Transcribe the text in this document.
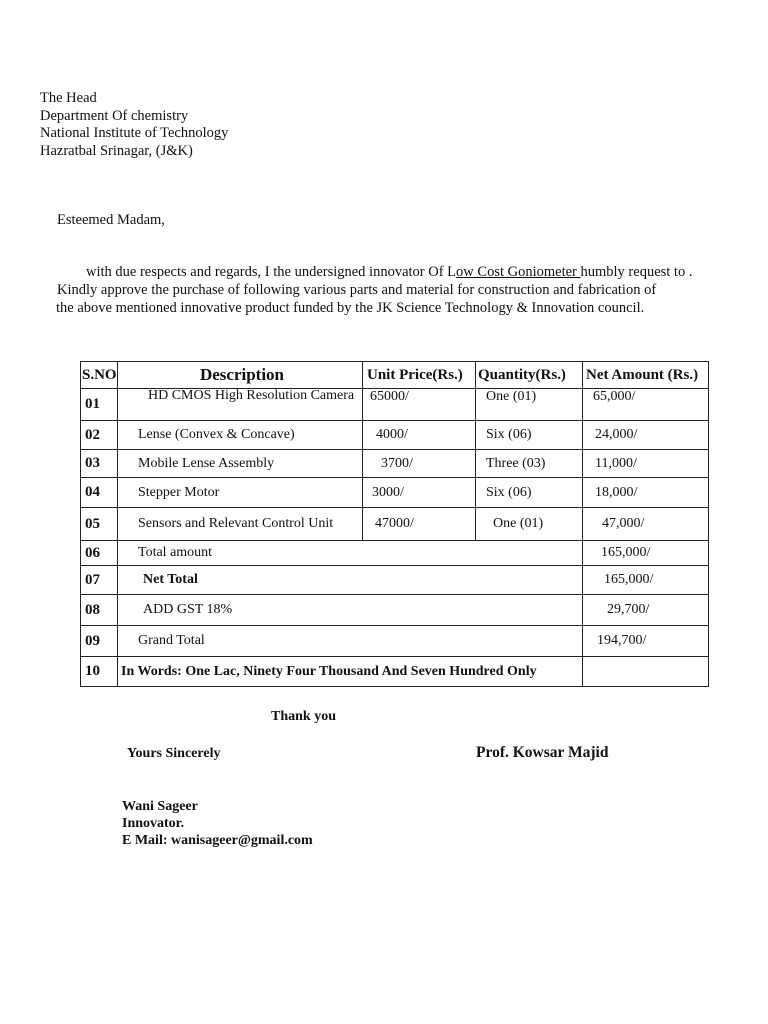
The Head
Department Of chemistry
National Institute of Technology
Hazratbal Srinagar, (J&K)
Esteemed Madam,
with due respects and regards, I the undersigned innovator Of Low Cost Goniometer humbly request to .
Kindly approve the purchase of following various parts and material for construction and fabrication of
the above mentioned innovative product funded by the JK Science Technology & Innovation council.
S.NO	Description	Unit Price(Rs.)	Quantity(Rs.)	Net Amount (Rs.)
01	HD CMOS High Resolution Camera	65000/	One (01)	65,000/
02	Lense (Convex & Concave)	4000/	Six (06)	24,000/
03	Mobile Lense Assembly	3700/	Three (03)	11,000/
04	Stepper Motor	3000/	Six (06)	18,000/
05	Sensors and Relevant Control Unit	47000/	One (01)	47,000/
06	Total amount			165,000/
07	Net Total			165,000/
08	ADD GST 18%			29,700/
09	Grand Total			194,700/
10	In Words: One Lac, Ninety Four Thousand And Seven Hundred Only			
Thank you
Yours Sincerely	Prof. Kowsar Majid
Wani Sageer
Innovator.
E Mail: wanisageer@gmail.com
